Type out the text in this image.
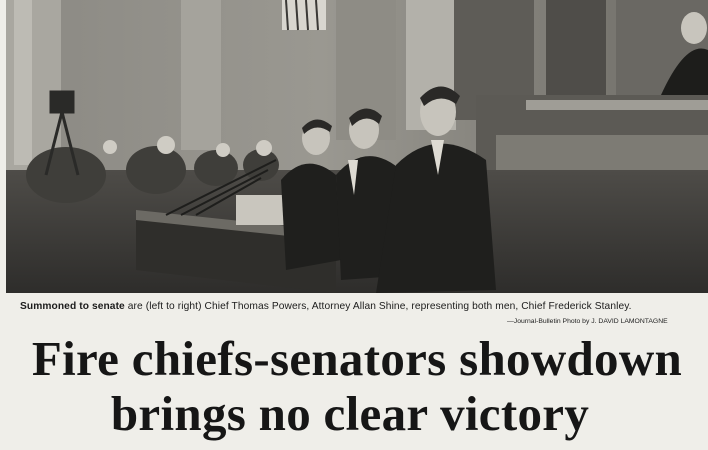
Summoned to senate are (left to right) Chief Thomas Powers, Attorney Allan Shine, representing both men, Chief Frederick Stanley.
—Journal-Bulletin Photo by J. DAVID LAMONTAGNE
Fire chiefs-senators showdown
brings no clear victory
